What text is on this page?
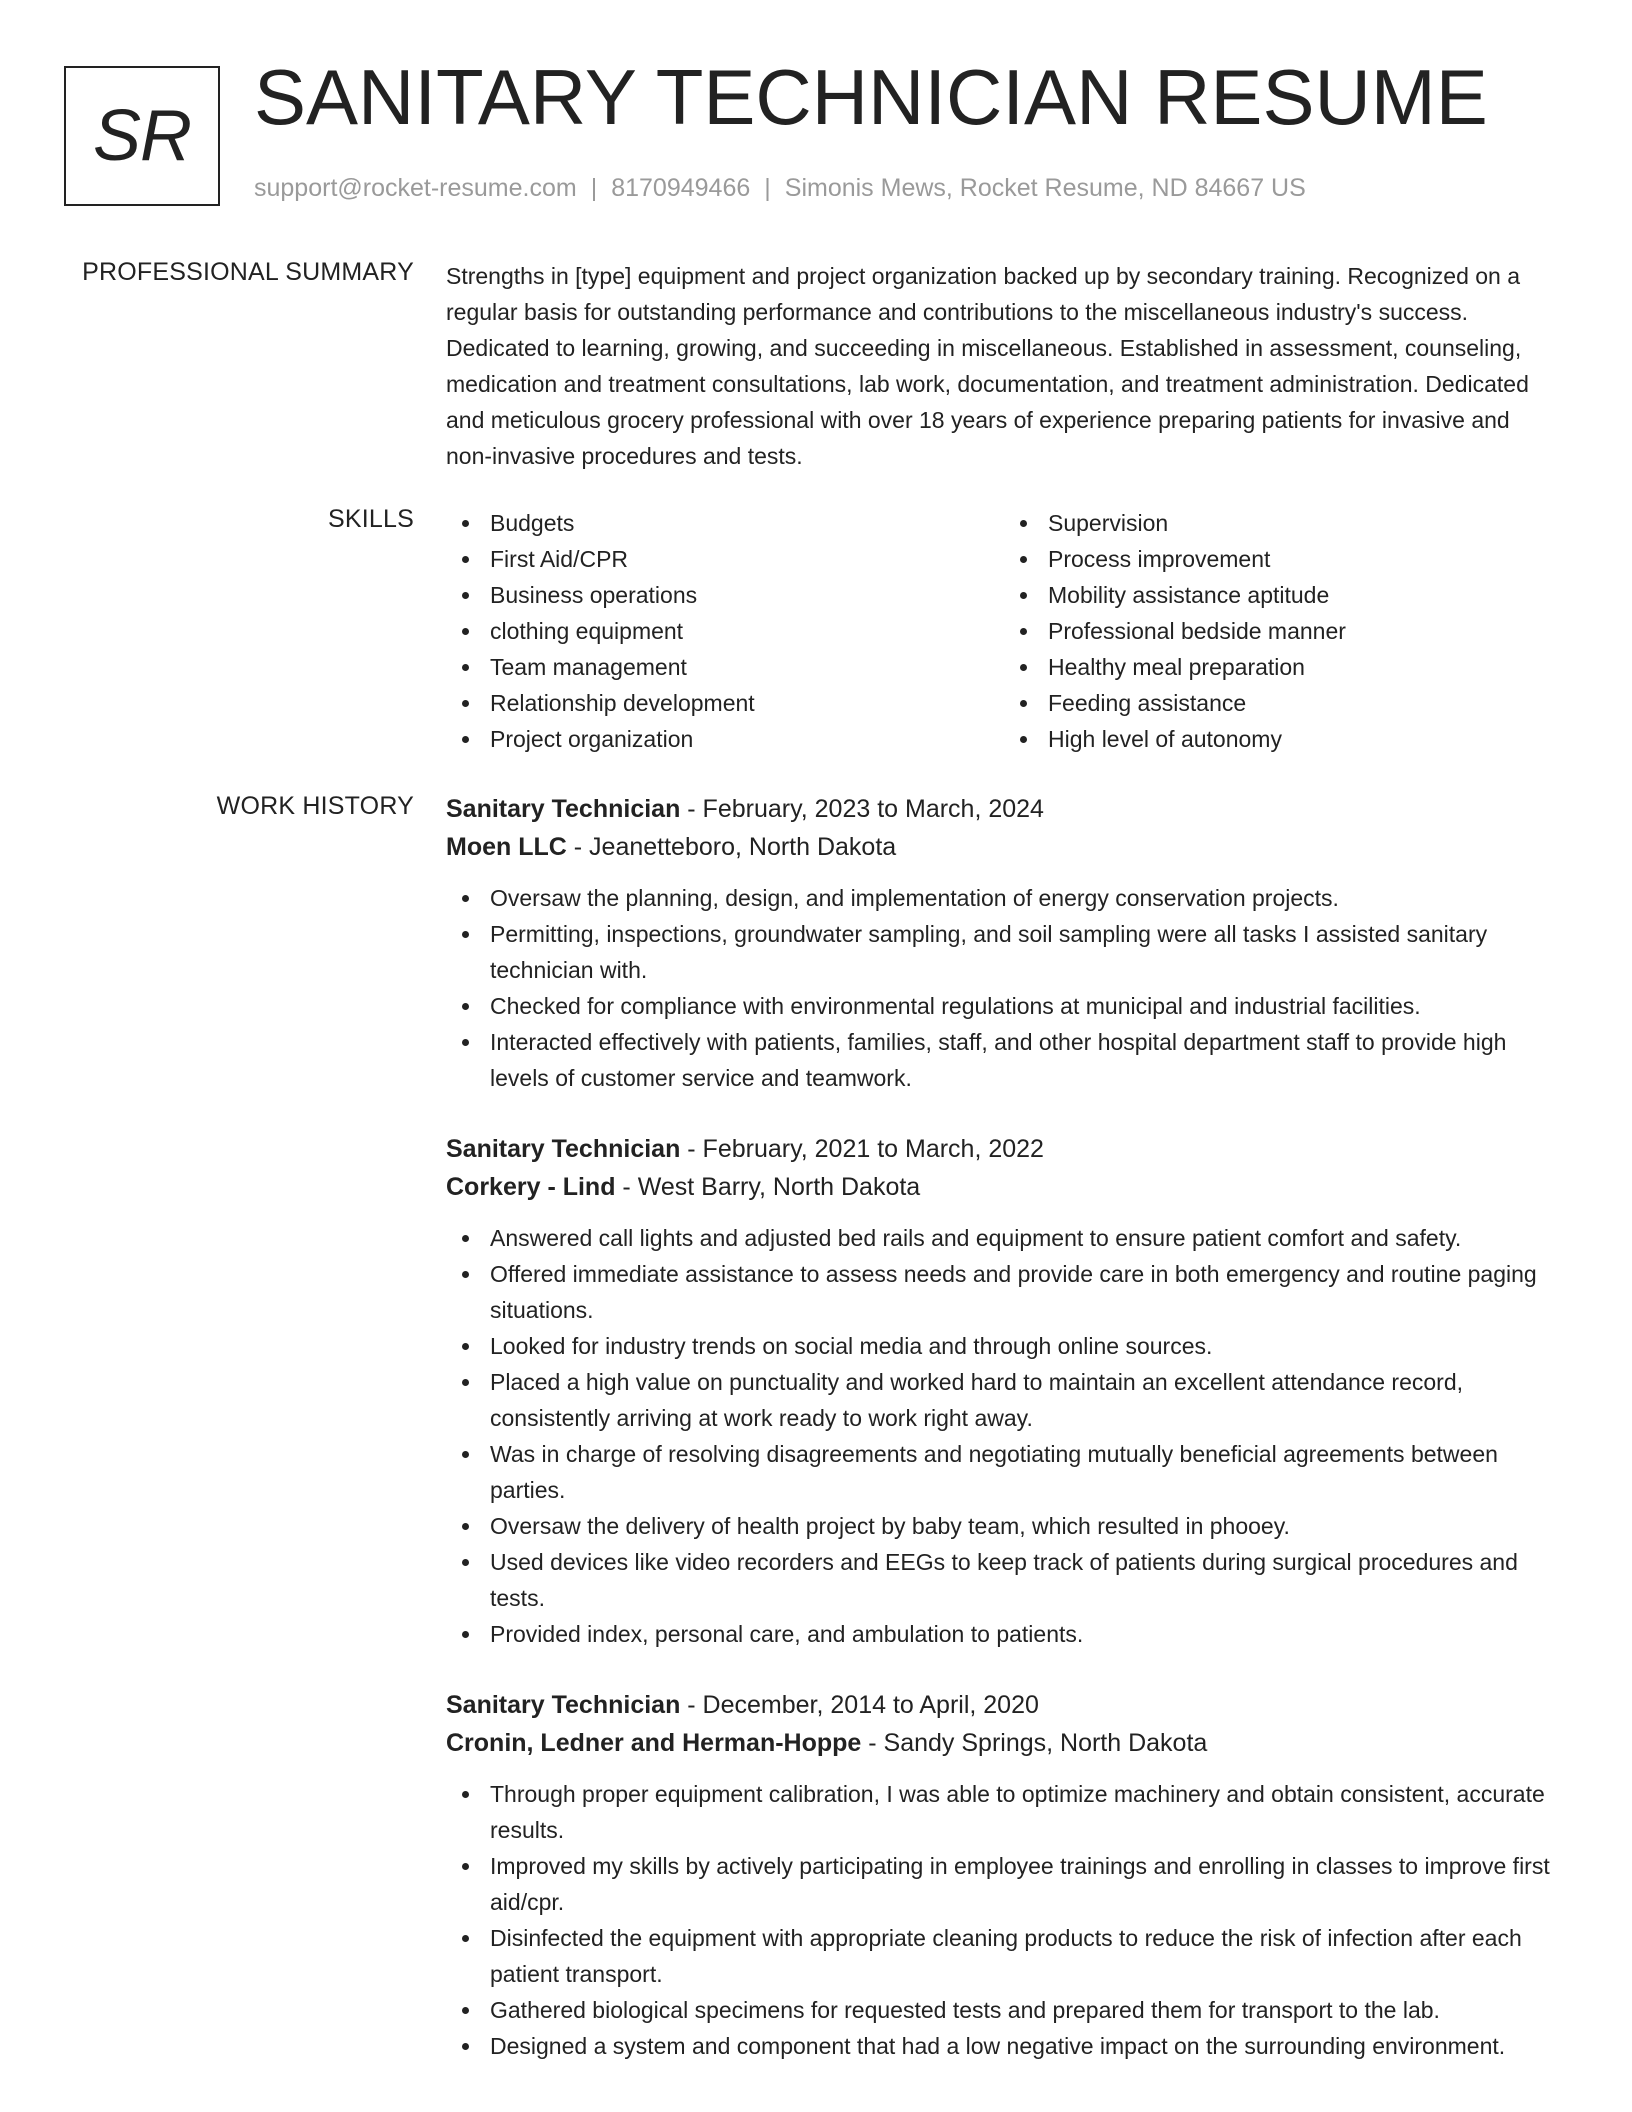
SR SANITARY TECHNICIAN RESUME
support@rocket-resume.com | 8170949466 | Simonis Mews, Rocket Resume, ND 84667 US
PROFESSIONAL SUMMARY Strengths in [type] equipment and project organization backed up by secondary training. Recognized on a regular basis for outstanding performance and contributions to the miscellaneous industry's success. Dedicated to learning, growing, and succeeding in miscellaneous. Established in assessment, counseling, medication and treatment consultations, lab work, documentation, and treatment administration. Dedicated and meticulous grocery professional with over 18 years of experience preparing patients for invasive and non-invasive procedures and tests.

SKILLS	Budgets
First Aid/CPR
Business operations
clothing equipment
Team management
Relationship development
Project organization
Supervision
Process improvement
Mobility assistance aptitude
Professional bedside manner
Healthy meal preparation
Feeding assistance
High level of autonomy
WORK HISTORY Sanitary Technician - February, 2023 to March, 2024
Moen LLC - Jeanetteboro, North Dakota
Oversaw the planning, design, and implementation of energy conservation projects.
Permitting, inspections, groundwater sampling, and soil sampling were all tasks I assisted sanitary technician with.
Checked for compliance with environmental regulations at municipal and industrial facilities.
Interacted effectively with patients, families, staff, and other hospital department staff to provide high levels of customer service and teamwork.
Sanitary Technician - February, 2021 to March, 2022
Corkery - Lind - West Barry, North Dakota
Answered call lights and adjusted bed rails and equipment to ensure patient comfort and safety.
Offered immediate assistance to assess needs and provide care in both emergency and routine paging situations.
Looked for industry trends on social media and through online sources.
Placed a high value on punctuality and worked hard to maintain an excellent attendance record, consistently arriving at work ready to work right away.
Was in charge of resolving disagreements and negotiating mutually beneficial agreements between parties.
Oversaw the delivery of health project by baby team, which resulted in phooey.
Used devices like video recorders and EEGs to keep track of patients during surgical procedures and tests.
Provided index, personal care, and ambulation to patients.
Sanitary Technician - December, 2014 to April, 2020
Cronin, Ledner and Herman-Hoppe - Sandy Springs, North Dakota
Through proper equipment calibration, I was able to optimize machinery and obtain consistent, accurate results.
Improved my skills by actively participating in employee trainings and enrolling in classes to improve first aid/cpr.
Disinfected the equipment with appropriate cleaning products to reduce the risk of infection after each patient transport.
Gathered biological specimens for requested tests and prepared them for transport to the lab.
Designed a system and component that had a low negative impact on the surrounding environment.
